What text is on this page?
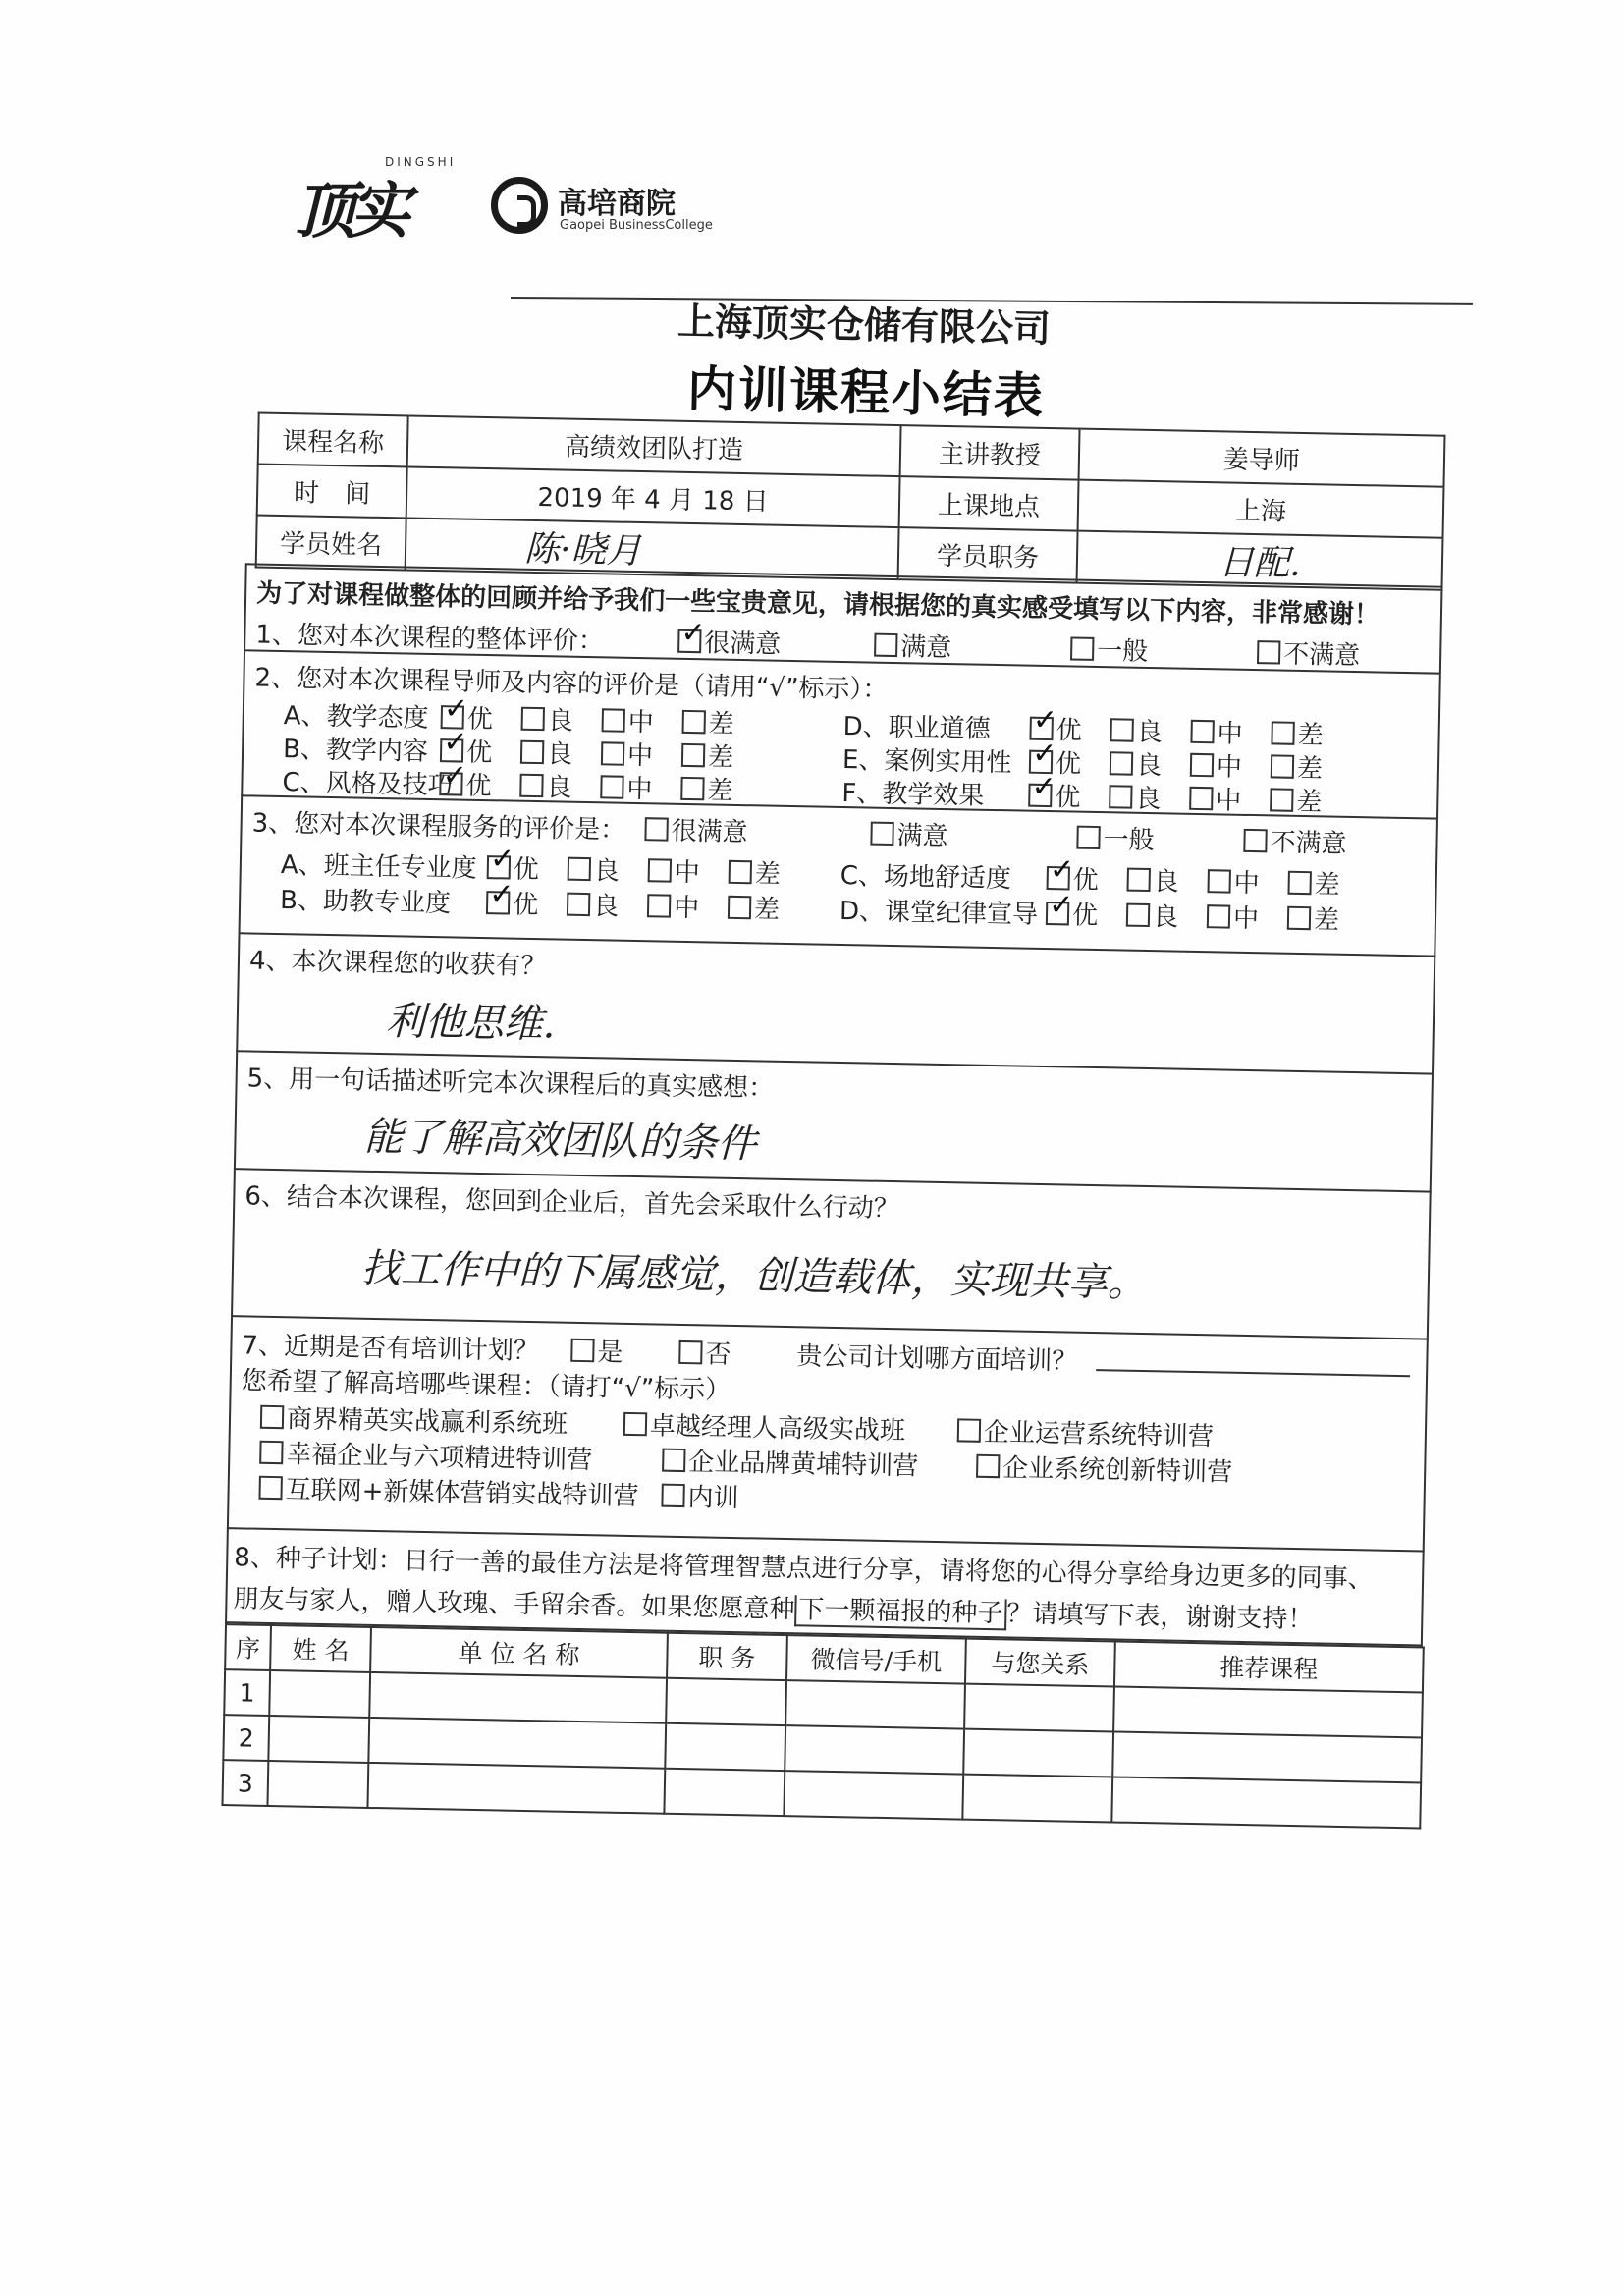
顶实
DINGSHI
高培商院
Gaopei BusinessCollege
上海顶实仓储有限公司
内训课程小结表
课程名称	高绩效团队打造	主讲教授	姜导师
时　间	2019 年 4 月 18 日	上课地点	上海
学员姓名	陈·晓月	学员职务	日配.
为了对课程做整体的回顾并给予我们一些宝贵意见，请根据您的真实感受填写以下内容，非常感谢！
1、您对本次课程的整体评价： ✓	很满意	满意	一般	不满意
2、您对本次课程导师及内容的评价是（请用“√”标示）：
A、教学态度 ✓ 优 良 中 差	D、职业道德 ✓	优 良 中 差
B、教学内容 ✓ 优 良 中 差	E、案例实用性 ✓ 优 良 中 差
C、风格及技巧 ✓ 优 良 中 差	F、教学效果 ✓	优 良 中 差
3、您对本次课程服务的评价是：	很满意	满意	一般	不满意
A、班主任专业度 ✓ 优 良 中 差	C、场地舒适度 ✓ 优 良 中 差
B、助教专业度 ✓ 优 良 中 差	D、课堂纪律宣导 ✓ 优 良 中 差
4、本次课程您的收获有？
利他思维.
5、用一句话描述听完本次课程后的真实感想：
能了解高效团队的条件
6、结合本次课程，您回到企业后，首先会采取什么行动？
找工作中的下属感觉，创造载体，实现共享。
7、近期是否有培训计划？	是	否	贵公司计划哪方面培训？
您希望了解高培哪些课程：（请打“√”标示）
商界精英实战赢利系统班	卓越经理人高级实战班	企业运营系统特训营
幸福企业与六项精进特训营	企业品牌黄埔特训营	企业系统创新特训营
互联网+新媒体营销实战特训营	内训
8、种子计划：日行一善的最佳方法是将管理智慧点进行分享，请将您的心得分享给身边更多的同事、
朋友与家人，赠人玫瑰、手留余香。如果您愿意种 下一颗福报的种子 ？请填写下表，谢谢支持！
序	姓 名	单 位 名 称	职 务	微信号/手机	与您关系	推荐课程
1						
2						
3						
